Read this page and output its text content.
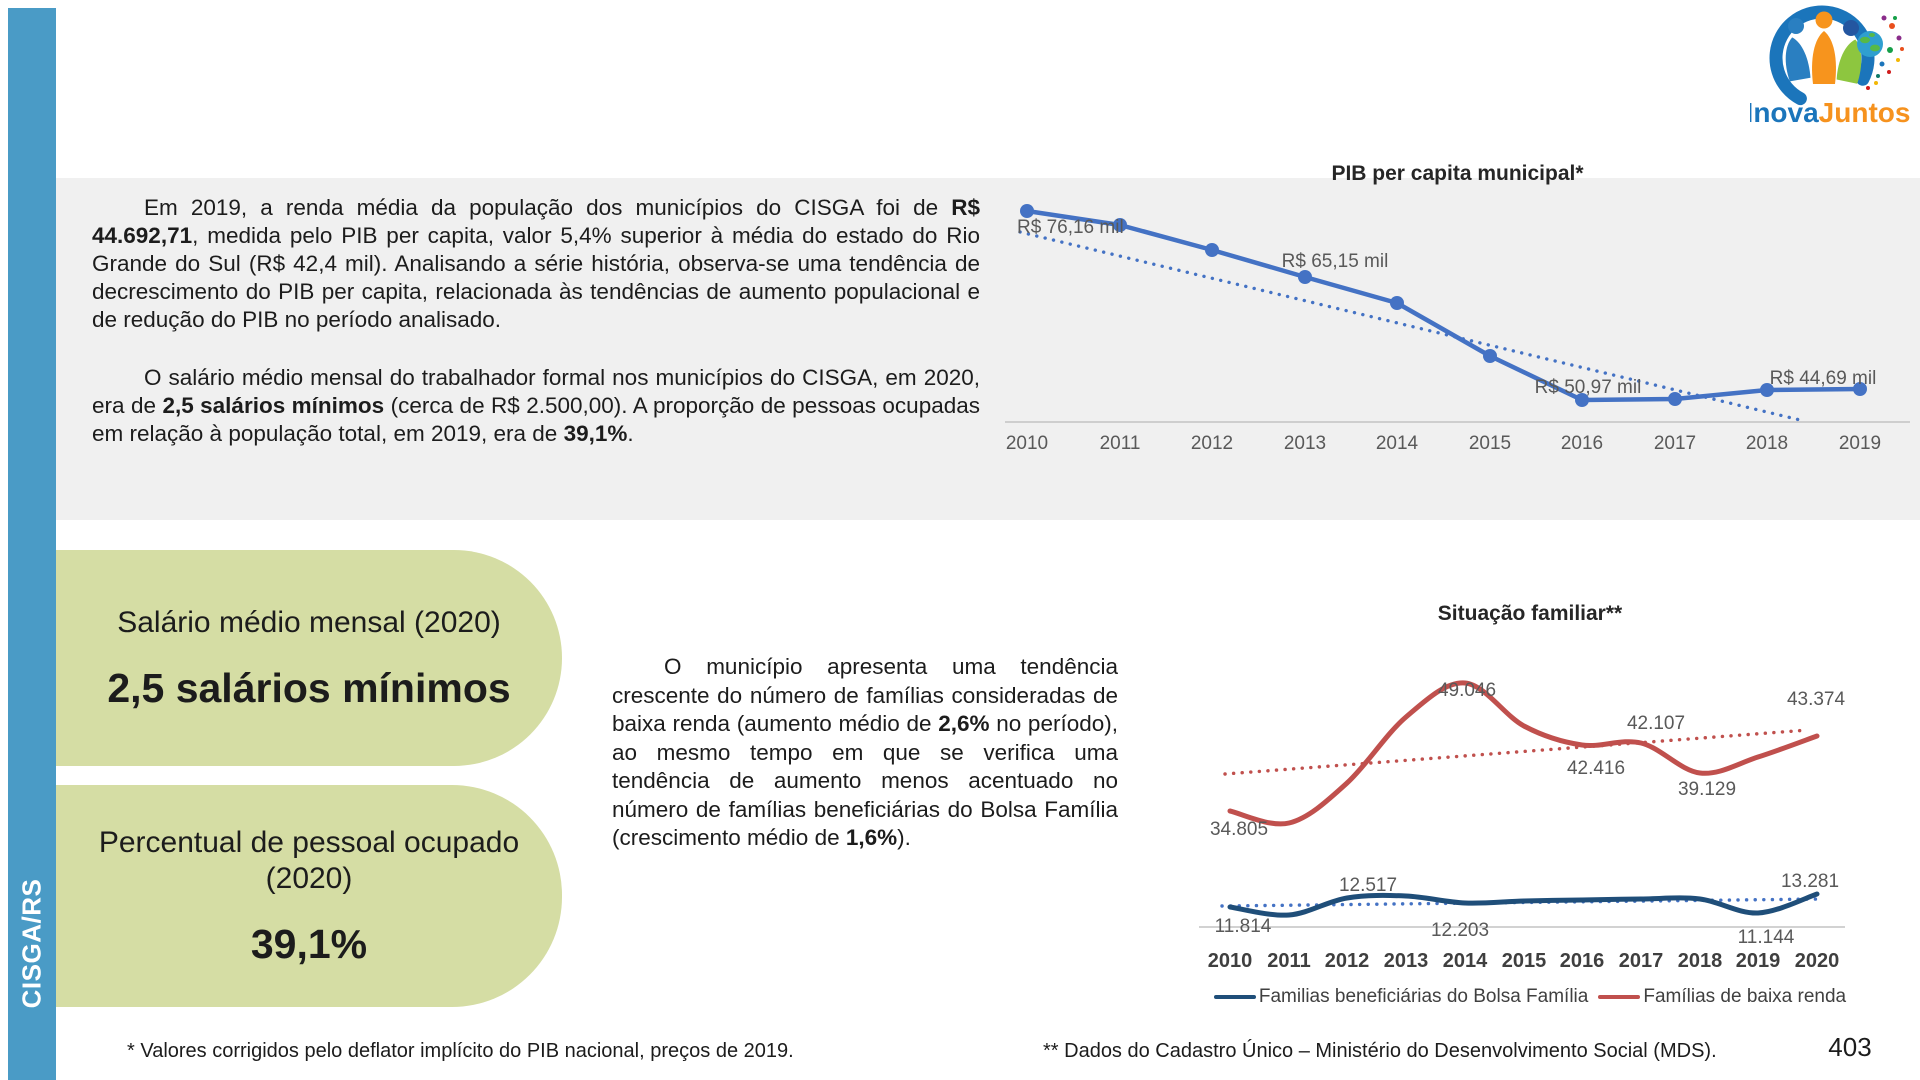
CISGA/RS
InovaJuntos

Em 2019, a renda média da população dos municípios do CISGA foi de R$ 44.692,71, medida pelo PIB per capita, valor 5,4% superior à média do estado do Rio Grande do Sul (R$ 42,4 mil). Analisando a série história, observa-se uma tendência de decrescimento do PIB per capita, relacionada às tendências de aumento populacional e de redução do PIB no período analisado.

O salário médio mensal do trabalhador formal nos municípios do CISGA, em 2020, era de 2,5 salários mínimos (cerca de R$ 2.500,00). A proporção de pessoas ocupadas em relação à população total, em 2019, era de 39,1%.

PIB per capita municipal*
R$ 76,16 mil
R$ 65,15 mil
R$ 50,97 mil	R$ 44,69 mil
2010	2011	2012	2013	2014	2015	2016	2017	2018	2019
Salário médio mensal (2020)
2,5 salários mínimos
Percentual de pessoal ocupado (2020)
39,1%
O município apresenta uma tendência crescente do número de famílias consideradas de baixa renda (aumento médio de 2,6% no período), ao mesmo tempo em que se verifica uma tendência de aumento menos acentuado no número de famílias beneficiárias do Bolsa Família (crescimento médio de 1,6%).
Situação familiar**
34.805
49.046
42.416
42.107
39.129
43.374
11.814
12.517
12.203	11.144
13.281
2010 2011 2012 2013 2014 2015 2016 2017 2018 2019 2020
Familias beneficiárias do Bolsa Família	Famílias de baixa renda
* Valores corrigidos pelo deflator implícito do PIB nacional, preços de 2019.	** Dados do Cadastro Único – Ministério do Desenvolvimento Social (MDS).	403
